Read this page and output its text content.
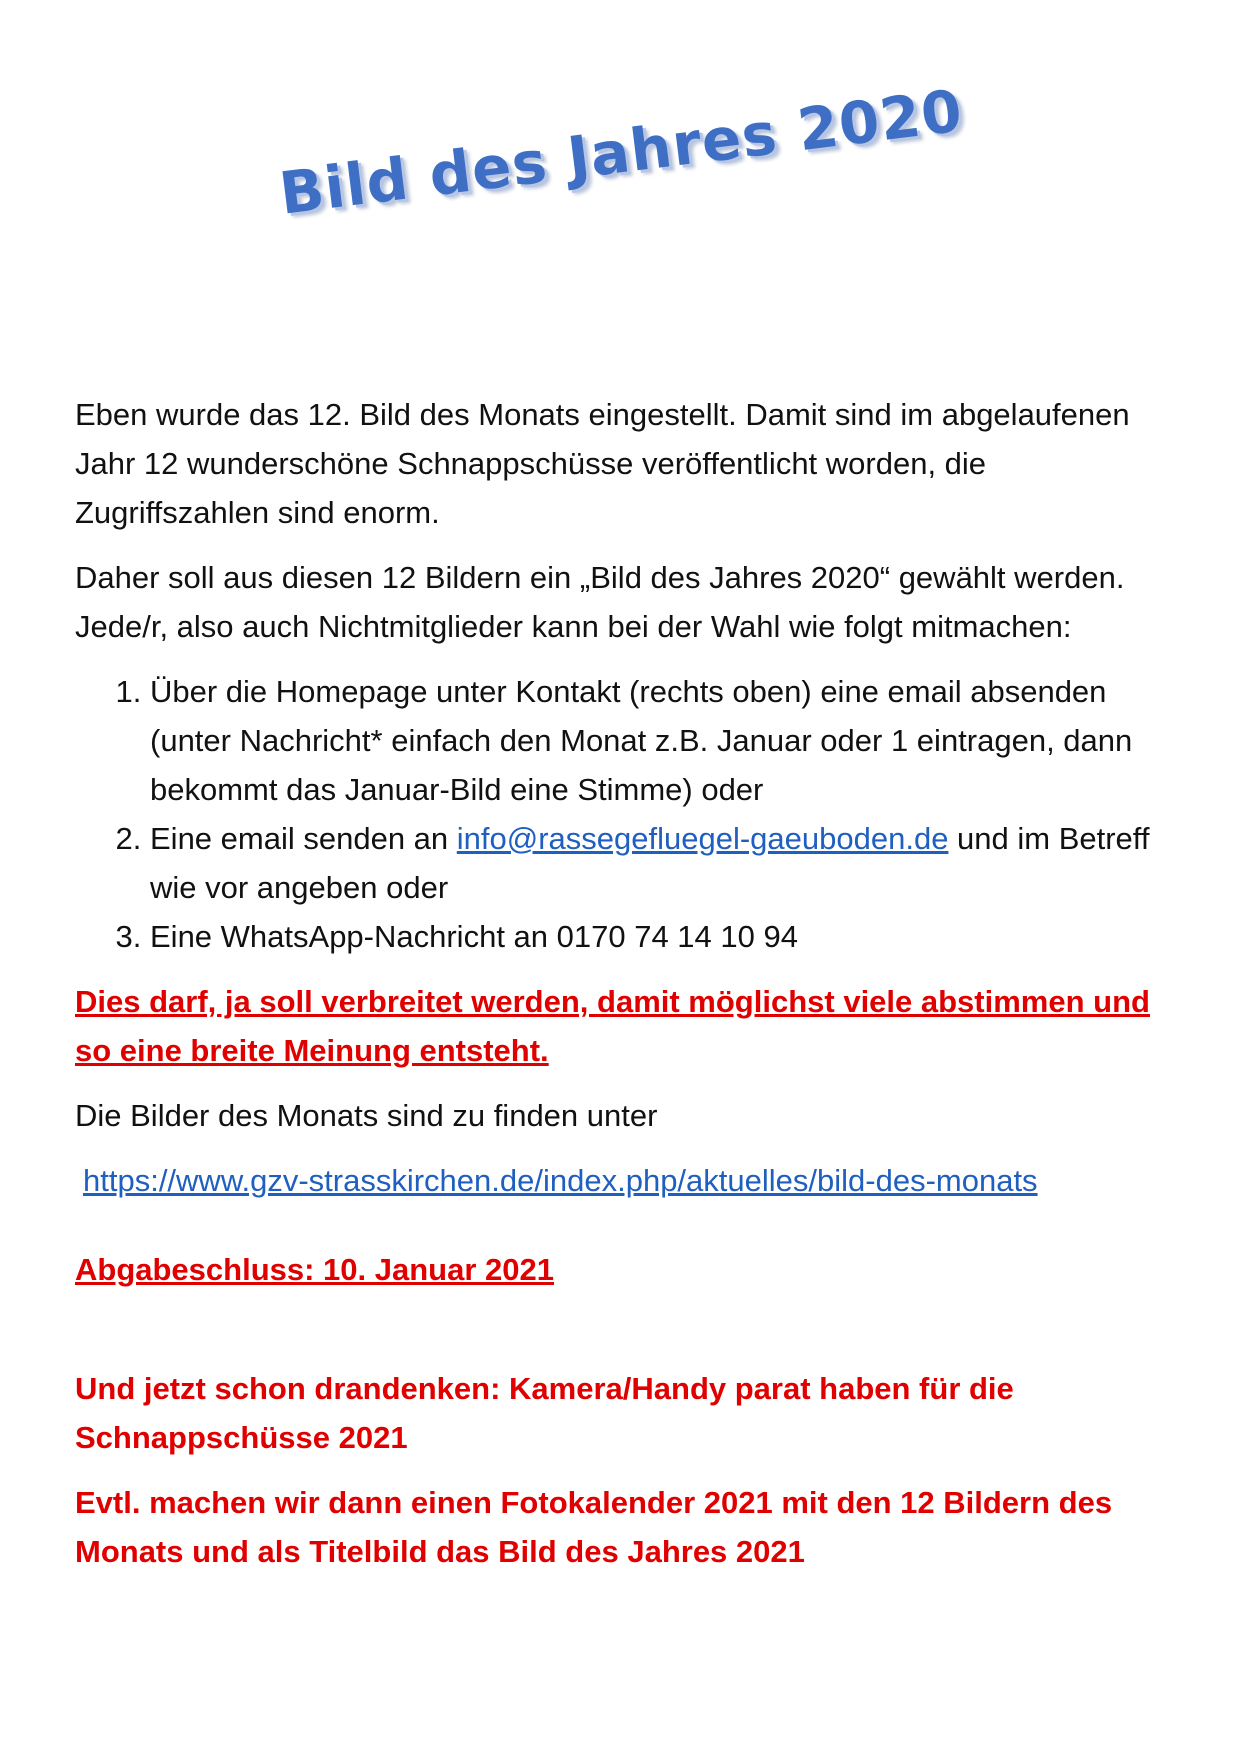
Bild des Jahres 2020

Eben wurde das 12. Bild des Monats eingestellt. Damit sind im abgelaufenen Jahr 12 wunderschöne Schnappschüsse veröffentlicht worden, die Zugriffszahlen sind enorm.

Daher soll aus diesen 12 Bildern ein „Bild des Jahres 2020“ gewählt werden. Jede/r, also auch Nichtmitglieder kann bei der Wahl wie folgt mitmachen:

1. Über die Homepage unter Kontakt (rechts oben) eine email absenden (unter Nachricht* einfach den Monat z.B. Januar oder 1 eintragen, dann bekommt das Januar-Bild eine Stimme) oder
2. Eine email senden an info@rassegefluegel-gaeuboden.de und im Betreff wie vor angeben oder
3. Eine WhatsApp-Nachricht an 0170 74 14 10 94

Dies darf, ja soll verbreitet werden, damit möglichst viele abstimmen und so eine breite Meinung entsteht.

Die Bilder des Monats sind zu finden unter

https://www.gzv-strasskirchen.de/index.php/aktuelles/bild-des-monats

Abgabeschluss: 10. Januar 2021

Und jetzt schon drandenken: Kamera/Handy parat haben für die Schnappschüsse 2021

Evtl. machen wir dann einen Fotokalender 2021 mit den 12 Bildern des Monats und als Titelbild das Bild des Jahres 2021
